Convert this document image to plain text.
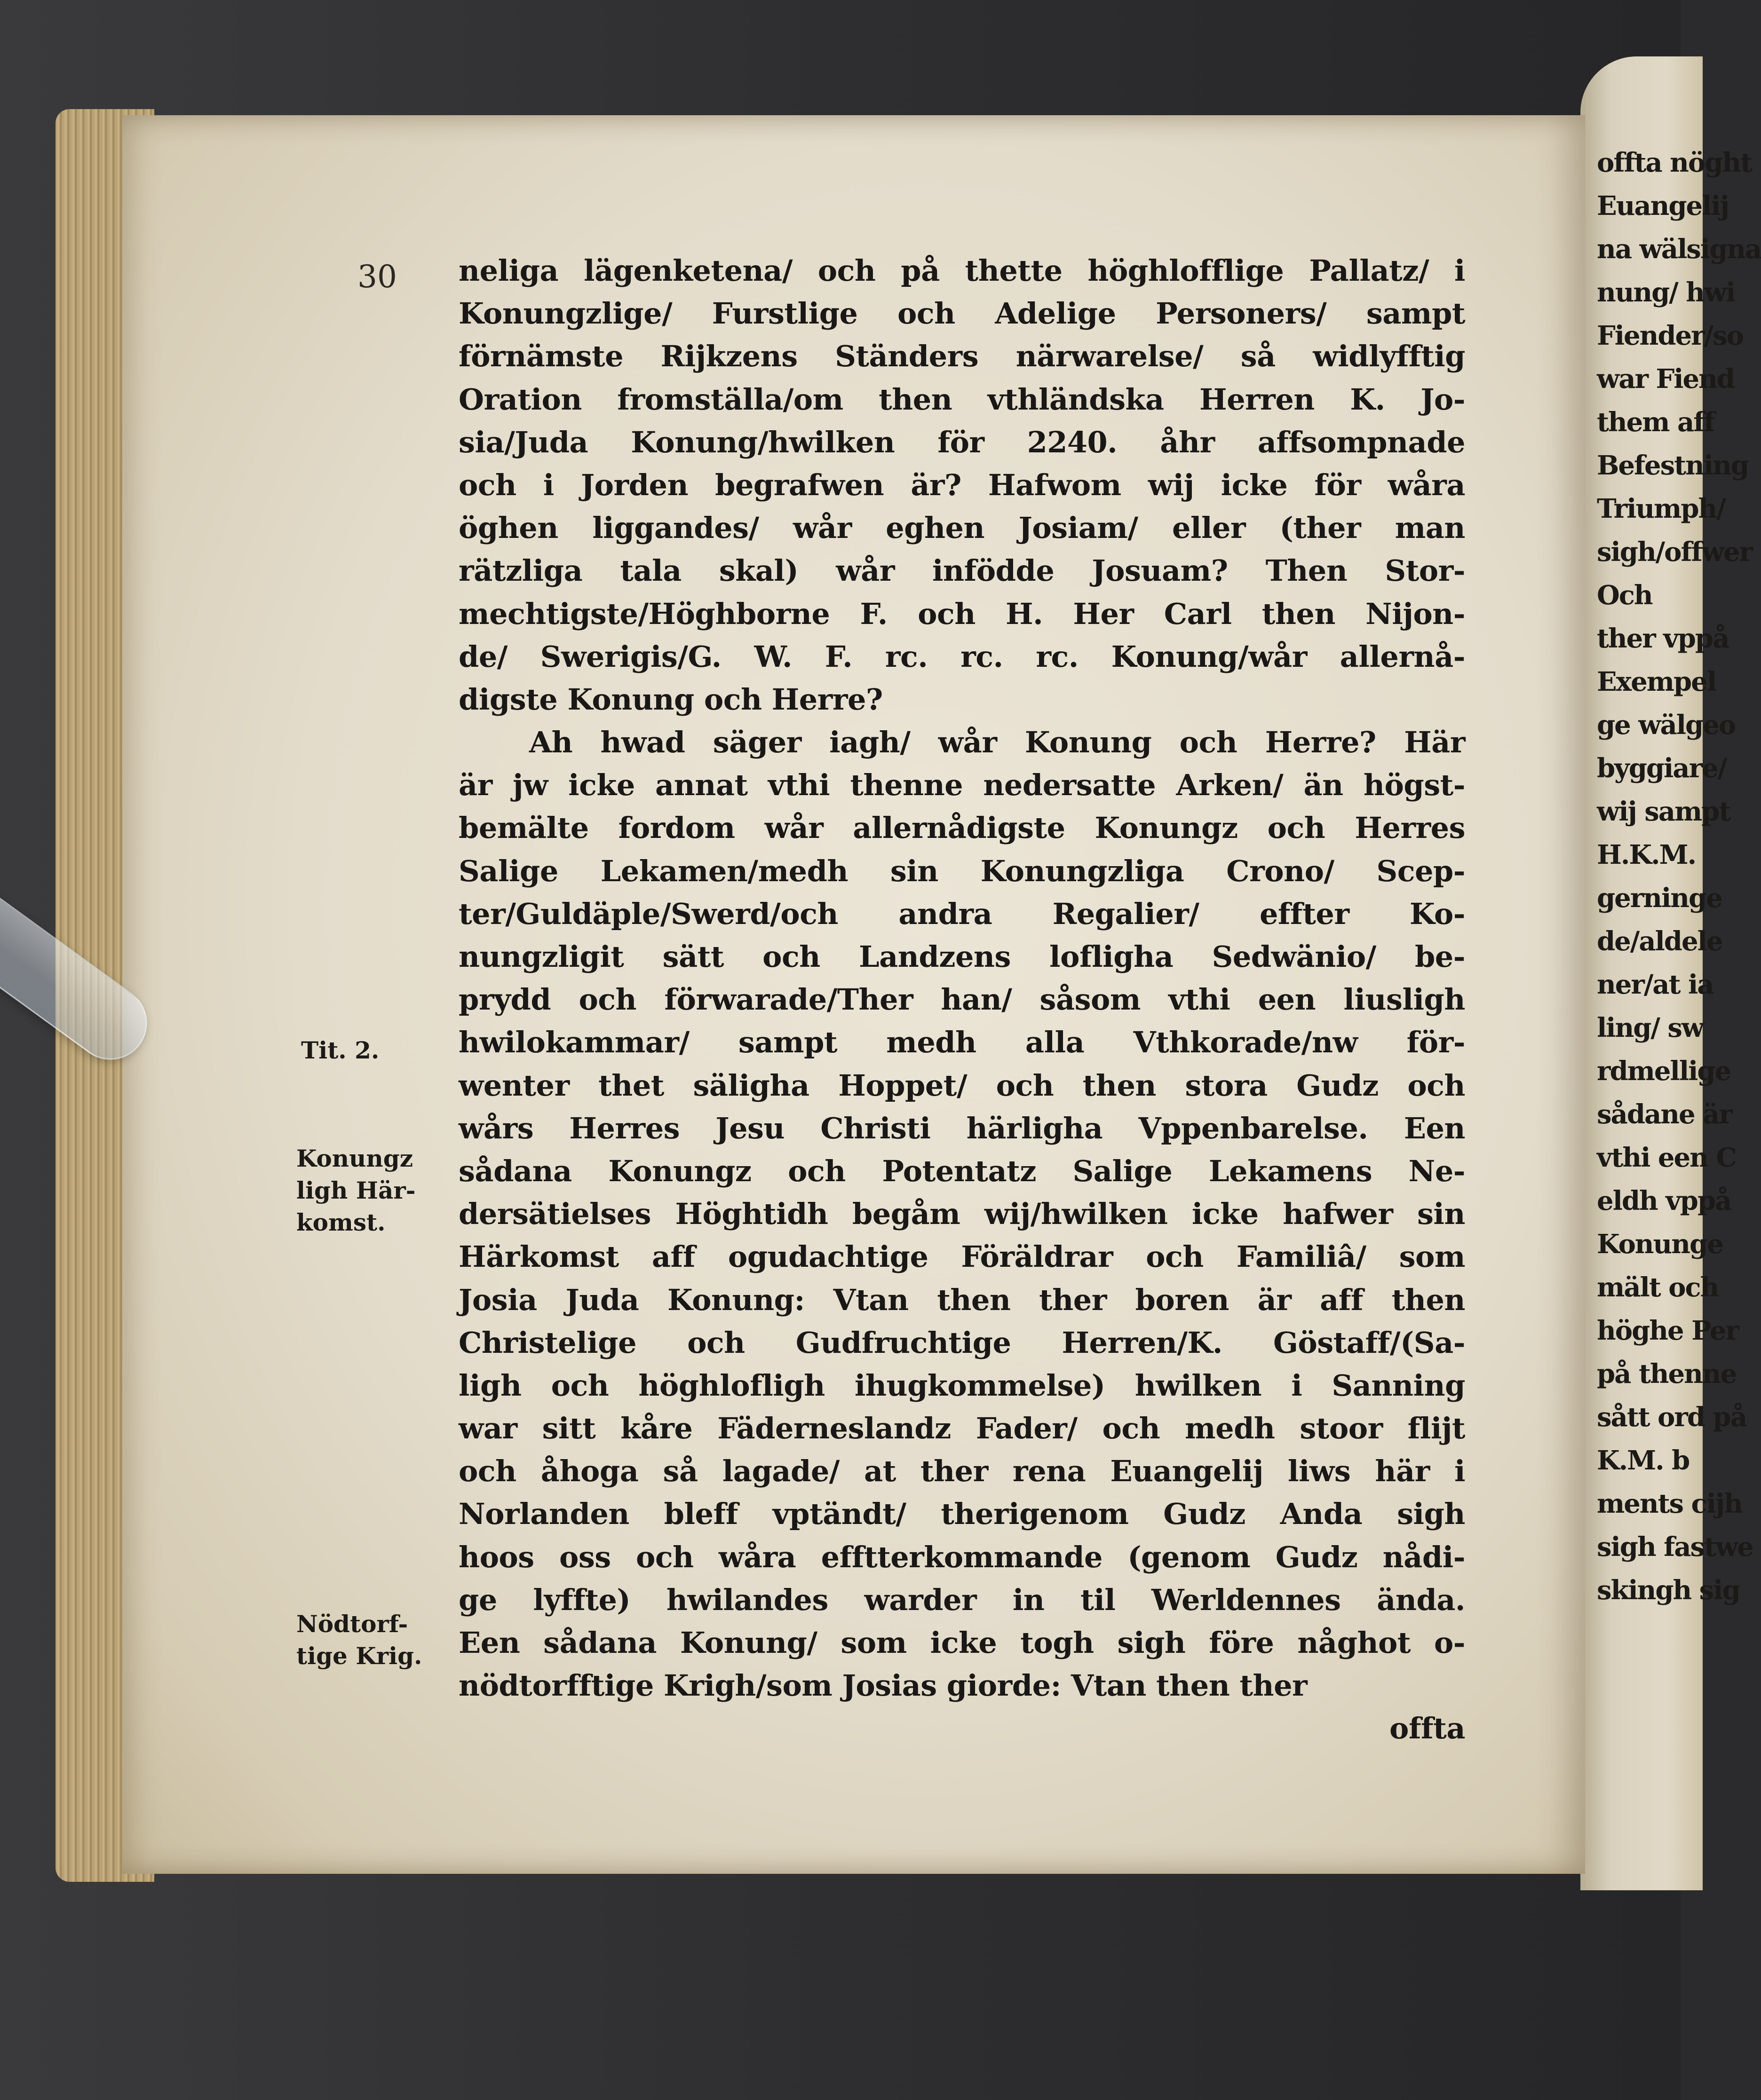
offta nöght
Euangelij
na wälsigna
nung/ hwi
Fiender/so
war Fiend
them aff
Befestning
Triumph/
sigh/offwer
Och
ther vppå
Exempel
ge wälgeo
byggiare/
wij sampt
H.K.M.
gerninge
de/aldele
ner/at ia
ling/ sw
rdmellige
sådane är
vthi een C
eldh vppå
Konunge
mält och
höghe Per
på thenne
sått ord på
K.M. b
ments cijh
sigh fastwe
skingh sig
30 neliga lägenketena/ och på thette höghlofflige Pallatz/ i
Konungzlige/ Furstlige och Adelige Personers/ sampt
förnämste Rijkzens Ständers närwarelse/ så widlyfftig
Oration fromställa/om then vthländska Herren K. Jo-
sia/Juda Konung/hwilken för 2240. åhr affsompnade
och i Jorden begrafwen är? Hafwom wij icke för wåra
öghen liggandes/ wår eghen Josiam/ eller (ther man
rätzliga tala skal) wår infödde Josuam? Then Stor-
mechtigste/Höghborne F. och H. Her Carl then Nijon-
de/ Swerigis/G. W. F. rc. rc. rc. Konung/wår allernå-
digste Konung och Herre?
Ah hwad säger iagh/ wår Konung och Herre? Här
är jw icke annat vthi thenne nedersatte Arken/ än högst-
bemälte fordom wår allernådigste Konungz och Herres
Salige Lekamen/medh sin Konungzliga Crono/ Scep-
ter/Guldäple/Swerd/och andra Regalier/ effter Ko-
nungzligit sätt och Landzens lofligha Sedwänio/ be-
prydd och förwarade/Ther han/ såsom vthi een liusligh
hwilokammar/ sampt medh alla Vthkorade/nw för-
wenter thet säligha Hoppet/ och then stora Gudz och
wårs Herres Jesu Christi härligha Vppenbarelse. Een
sådana Konungz och Potentatz Salige Lekamens Ne-
dersätielses Höghtidh begåm wij/hwilken icke hafwer sin
Härkomst aff ogudachtige Föräldrar och Familiâ/ som
Josia Juda Konung: Vtan then ther boren är aff then
Christelige och Gudfruchtige Herren/K. Göstaff/(Sa-
ligh och höghlofligh ihugkommelse) hwilken i Sanning
war sitt kåre Fäderneslandz Fader/ och medh stoor flijt
och åhoga så lagade/ at ther rena Euangelij liws här i
Norlanden bleff vptändt/ therigenom Gudz Anda sigh
hoos oss och wåra efftterkommande (genom Gudz nådi-
ge lyffte) hwilandes warder in til Werldennes ända.
Een sådana Konung/ som icke togh sigh före någhot o-
nödtorfftige Krigh/som Josias giorde: Vtan then ther
offta
Tit. 2.
Konungz
ligh Här-
komst.
Nödtorf-
tige Krig.
